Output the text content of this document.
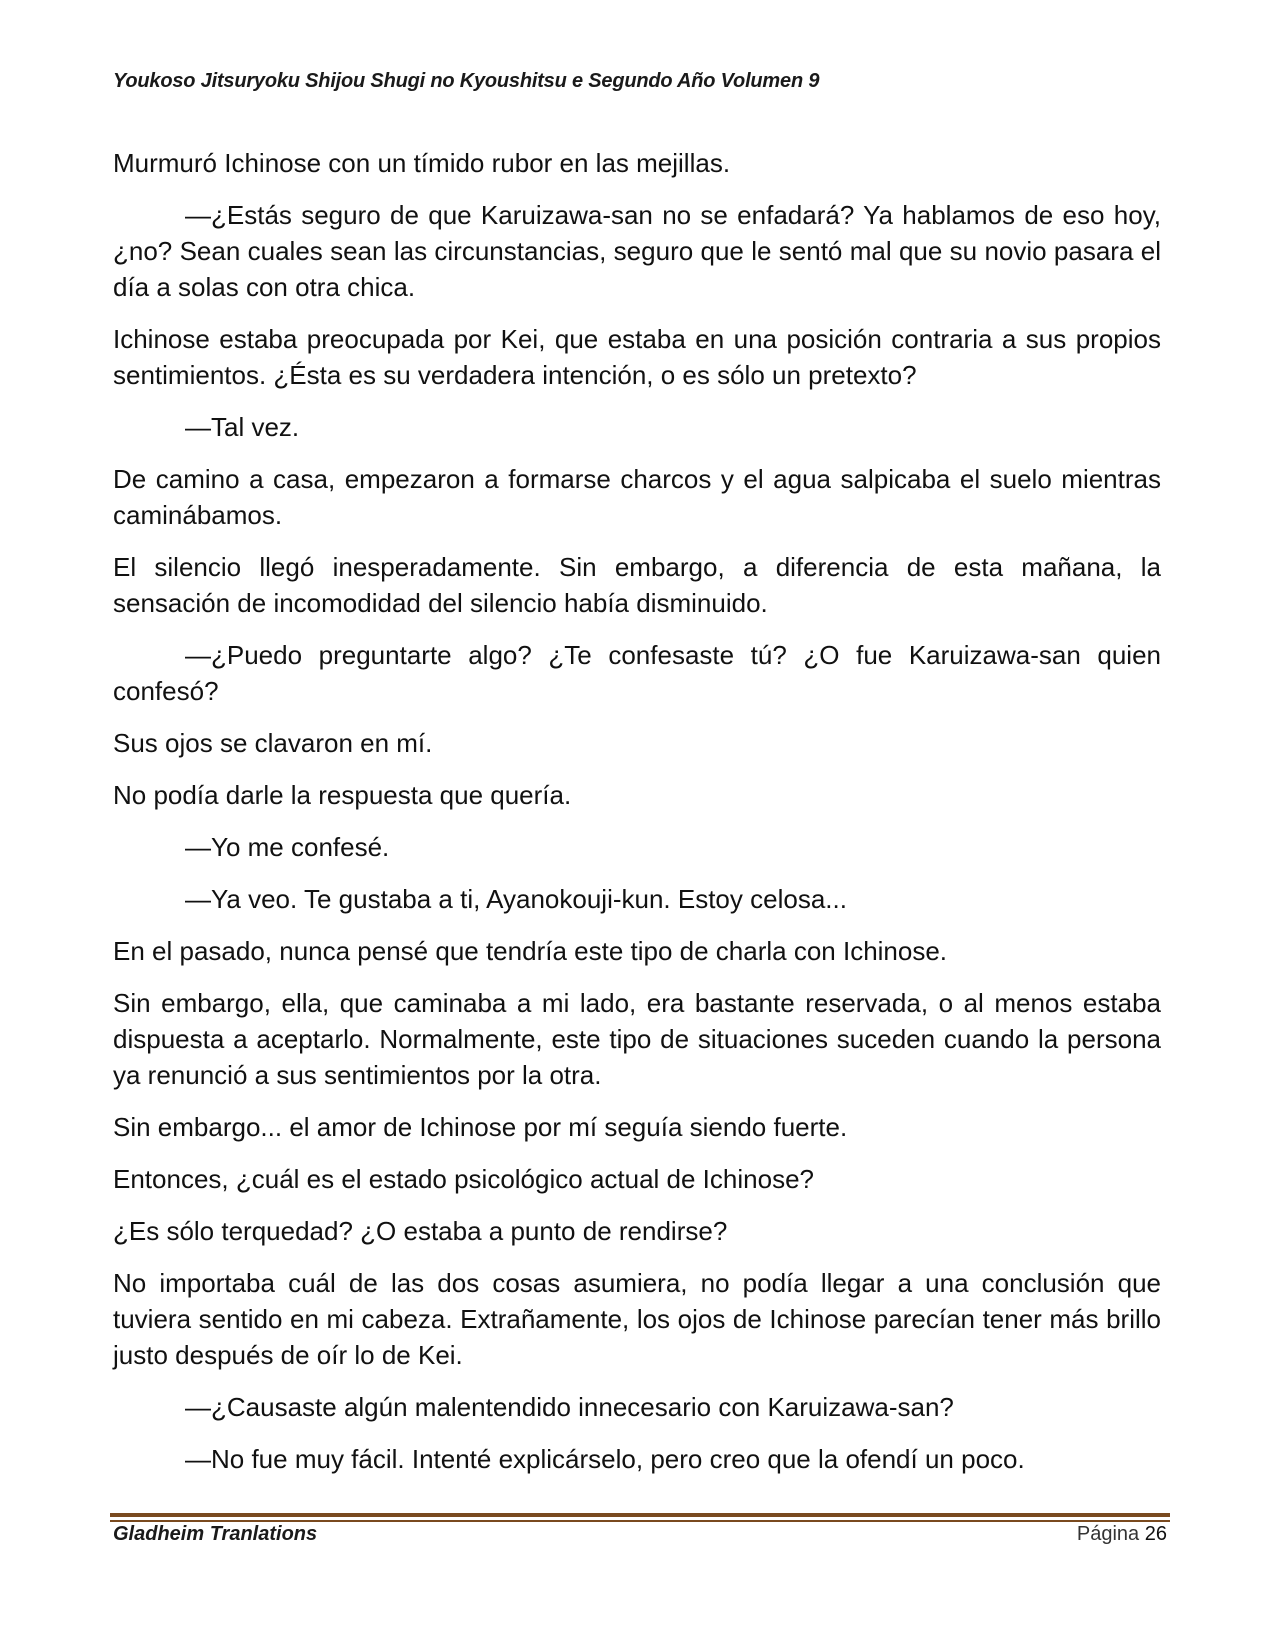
Youkoso Jitsuryoku Shijou Shugi no Kyoushitsu e Segundo Año Volumen 9

Murmuró Ichinose con un tímido rubor en las mejillas.

—¿Estás seguro de que Karuizawa-san no se enfadará? Ya hablamos de eso hoy, ¿no? Sean cuales sean las circunstancias, seguro que le sentó mal que su novio pasara el día a solas con otra chica.

Ichinose estaba preocupada por Kei, que estaba en una posición contraria a sus propios sentimientos. ¿Ésta es su verdadera intención, o es sólo un pretexto?

—Tal vez.

De camino a casa, empezaron a formarse charcos y el agua salpicaba el suelo mientras caminábamos.

El silencio llegó inesperadamente. Sin embargo, a diferencia de esta mañana, la sensación de incomodidad del silencio había disminuido.

—¿Puedo preguntarte algo? ¿Te confesaste tú? ¿O fue Karuizawa-san quien confesó?

Sus ojos se clavaron en mí.

No podía darle la respuesta que quería.

—Yo me confesé.

—Ya veo. Te gustaba a ti, Ayanokouji-kun. Estoy celosa...

En el pasado, nunca pensé que tendría este tipo de charla con Ichinose.

Sin embargo, ella, que caminaba a mi lado, era bastante reservada, o al menos estaba dispuesta a aceptarlo. Normalmente, este tipo de situaciones suceden cuando la persona ya renunció a sus sentimientos por la otra.

Sin embargo... el amor de Ichinose por mí seguía siendo fuerte.

Entonces, ¿cuál es el estado psicológico actual de Ichinose?

¿Es sólo terquedad? ¿O estaba a punto de rendirse?

No importaba cuál de las dos cosas asumiera, no podía llegar a una conclusión que tuviera sentido en mi cabeza. Extrañamente, los ojos de Ichinose parecían tener más brillo justo después de oír lo de Kei.

—¿Causaste algún malentendido innecesario con Karuizawa-san?

—No fue muy fácil. Intenté explicárselo, pero creo que la ofendí un poco.

Gladheim Tranlations	Página 26
